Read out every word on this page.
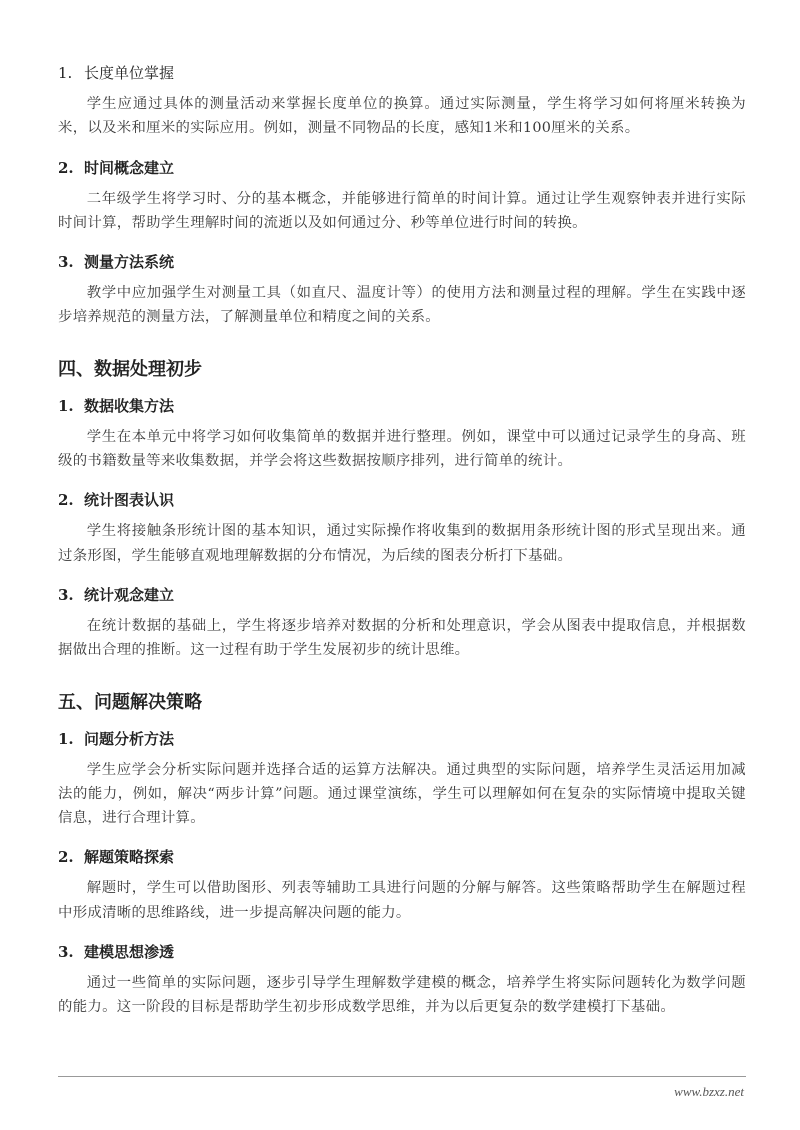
1. 长度单位掌握

学生应通过具体的测量活动来掌握长度单位的换算。通过实际测量，学生将学习如何将厘米转换为米，以及米和厘米的实际应用。例如，测量不同物品的长度，感知1米和100厘米的关系。

2. 时间概念建立

二年级学生将学习时、分的基本概念，并能够进行简单的时间计算。通过让学生观察钟表并进行实际时间计算，帮助学生理解时间的流逝以及如何通过分、秒等单位进行时间的转换。

3. 测量方法系统

教学中应加强学生对测量工具（如直尺、温度计等）的使用方法和测量过程的理解。学生在实践中逐步培养规范的测量方法，了解测量单位和精度之间的关系。

四、数据处理初步
1. 数据收集方法

学生在本单元中将学习如何收集简单的数据并进行整理。例如，课堂中可以通过记录学生的身高、班级的书籍数量等来收集数据，并学会将这些数据按顺序排列，进行简单的统计。

2. 统计图表认识

学生将接触条形统计图的基本知识，通过实际操作将收集到的数据用条形统计图的形式呈现出来。通过条形图，学生能够直观地理解数据的分布情况，为后续的图表分析打下基础。

3. 统计观念建立

在统计数据的基础上，学生将逐步培养对数据的分析和处理意识，学会从图表中提取信息，并根据数据做出合理的推断。这一过程有助于学生发展初步的统计思维。

五、问题解决策略
1. 问题分析方法

学生应学会分析实际问题并选择合适的运算方法解决。通过典型的实际问题，培养学生灵活运用加减法的能力，例如，解决“两步计算”问题。通过课堂演练，学生可以理解如何在复杂的实际情境中提取关键信息，进行合理计算。

2. 解题策略探索

解题时，学生可以借助图形、列表等辅助工具进行问题的分解与解答。这些策略帮助学生在解题过程中形成清晰的思维路线，进一步提高解决问题的能力。

3. 建模思想渗透

通过一些简单的实际问题，逐步引导学生理解数学建模的概念，培养学生将实际问题转化为数学问题的能力。这一阶段的目标是帮助学生初步形成数学思维，并为以后更复杂的数学建模打下基础。

www.bzxz.net
